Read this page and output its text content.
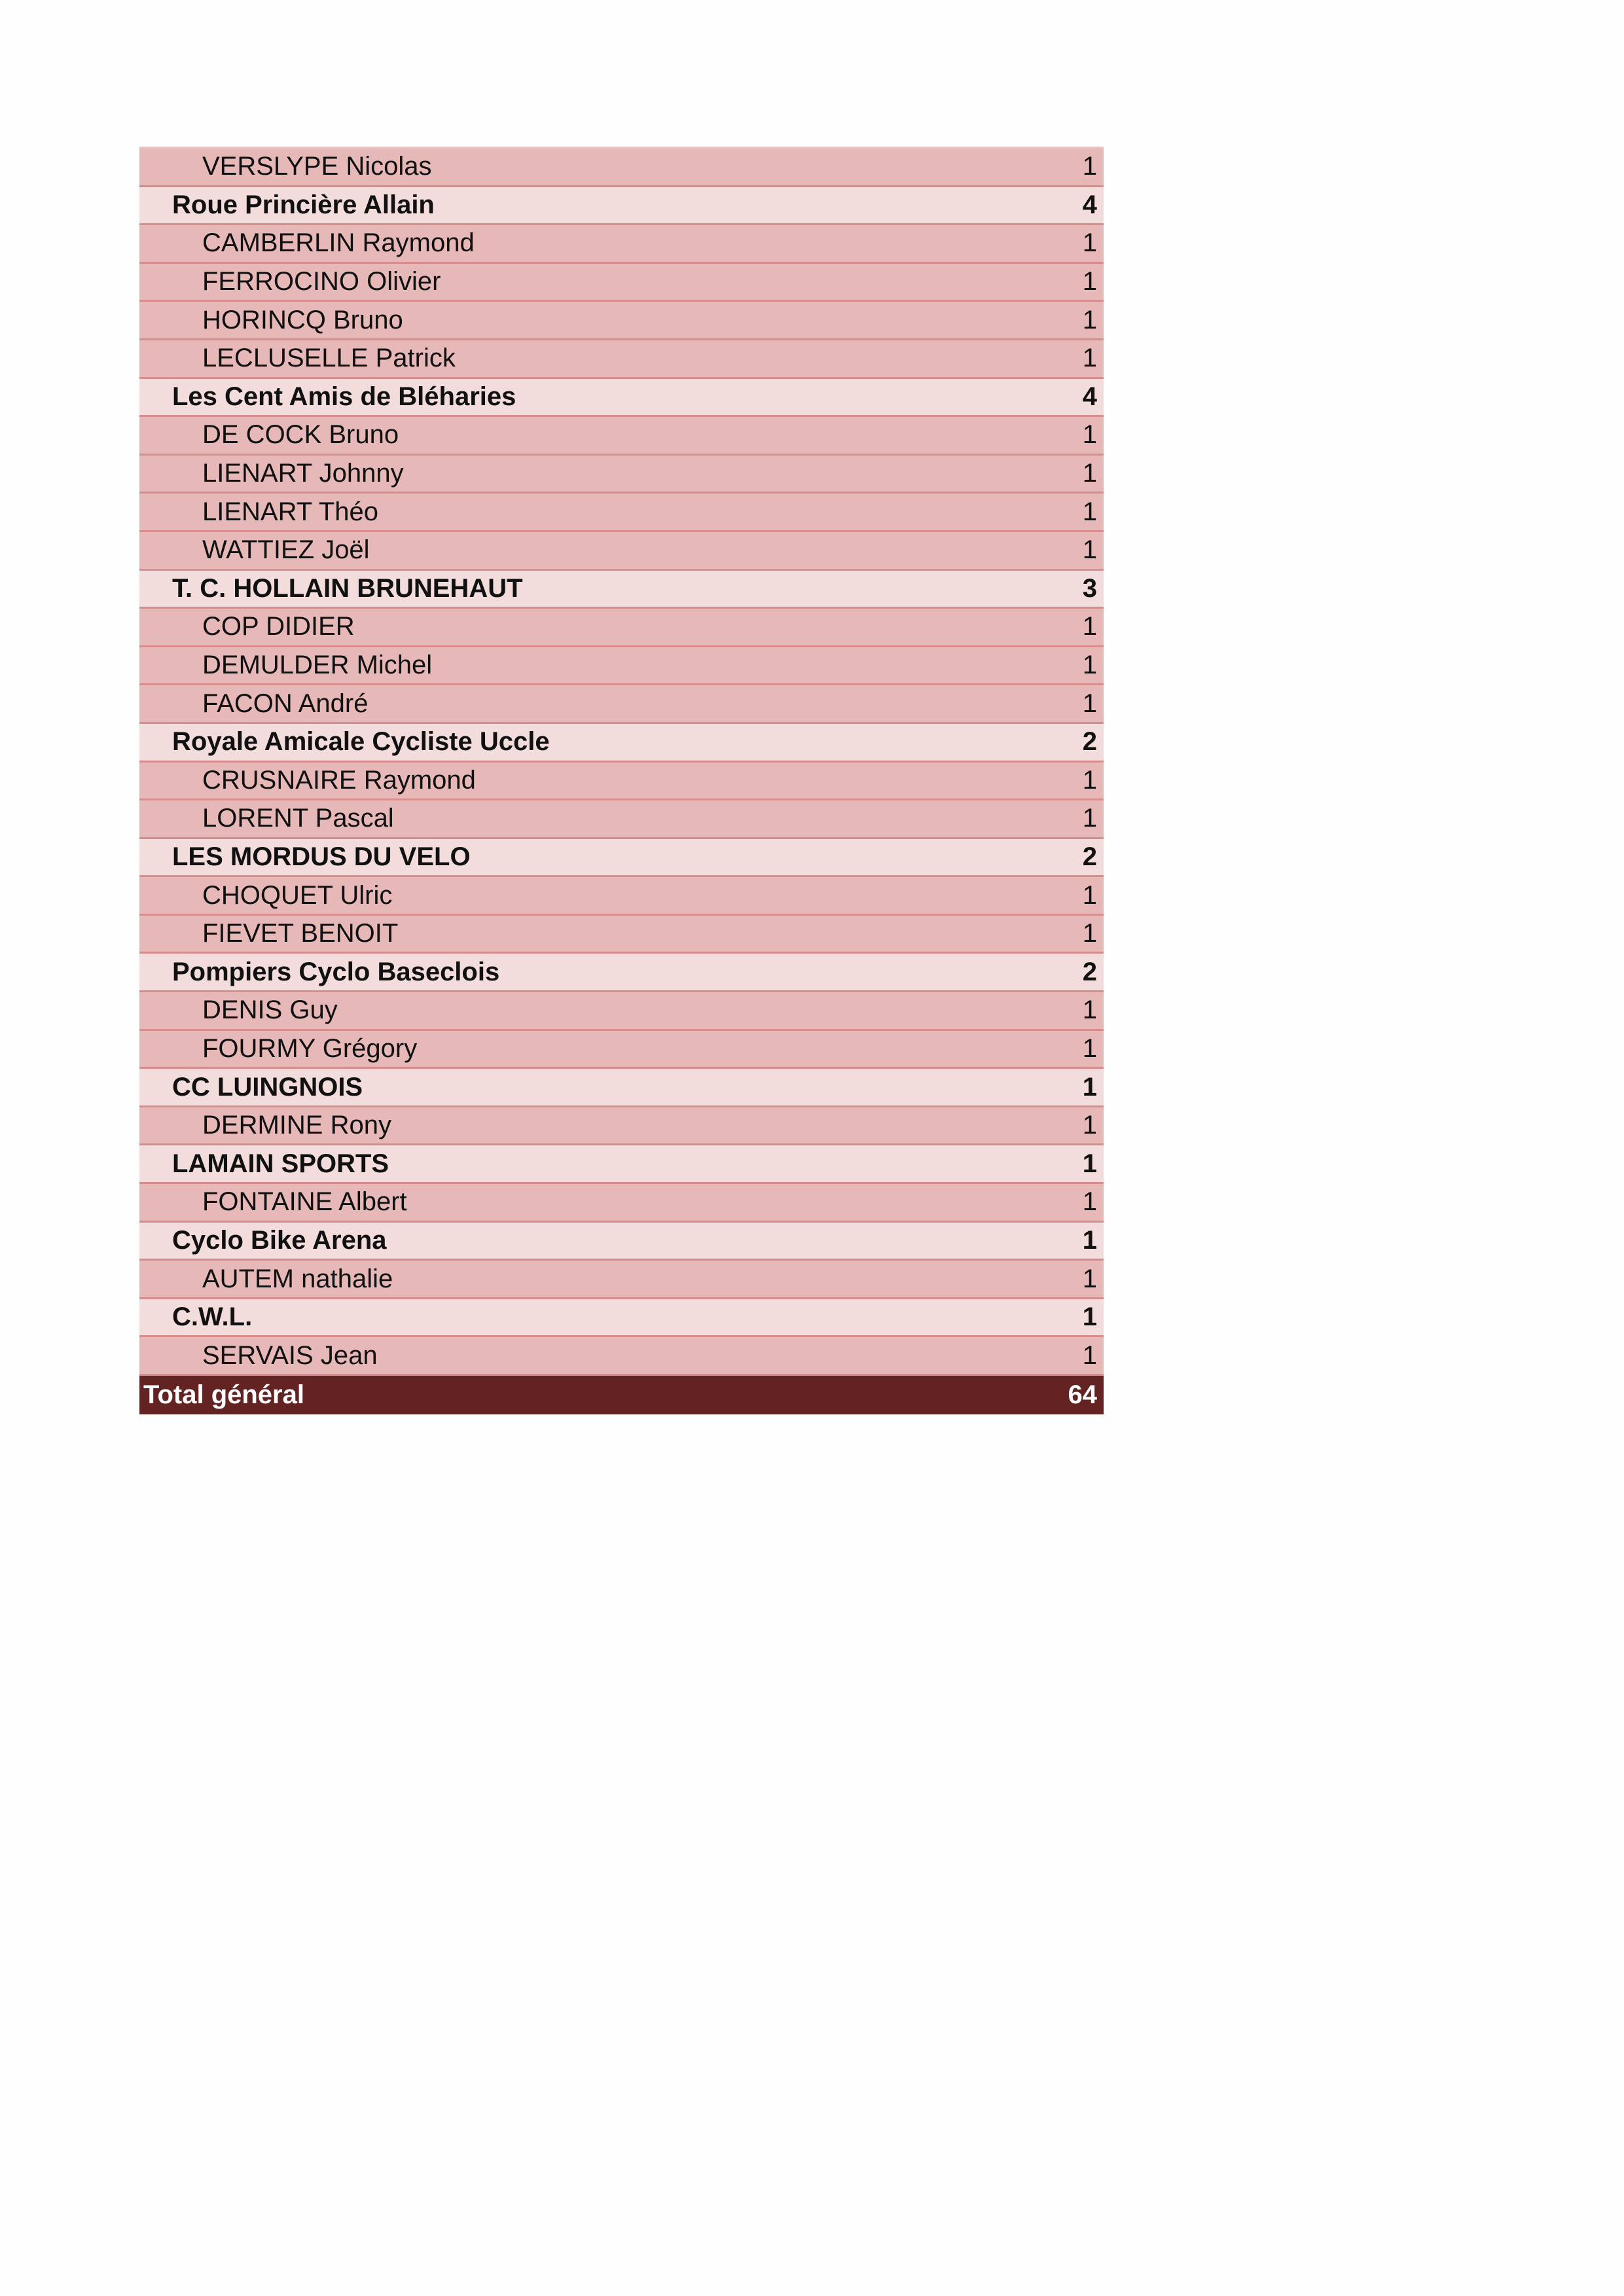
VERSLYPE Nicolas	1
Roue Princière Allain	4
CAMBERLIN Raymond	1
FERROCINO Olivier	1
HORINCQ Bruno	1
LECLUSELLE Patrick	1
Les Cent Amis de Bléharies	4
DE COCK Bruno	1
LIENART Johnny	1
LIENART Théo	1
WATTIEZ Joël	1
T. C. HOLLAIN BRUNEHAUT	3
COP DIDIER	1
DEMULDER Michel	1
FACON André	1
Royale Amicale Cycliste Uccle	2
CRUSNAIRE Raymond	1
LORENT Pascal	1
LES MORDUS DU VELO	2
CHOQUET Ulric	1
FIEVET BENOIT	1
Pompiers Cyclo Baseclois	2
DENIS Guy	1
FOURMY Grégory	1
CC LUINGNOIS	1
DERMINE Rony	1
LAMAIN SPORTS	1
FONTAINE Albert	1
Cyclo Bike Arena	1
AUTEM nathalie	1
C.W.L.	1
SERVAIS Jean	1
Total général	64
